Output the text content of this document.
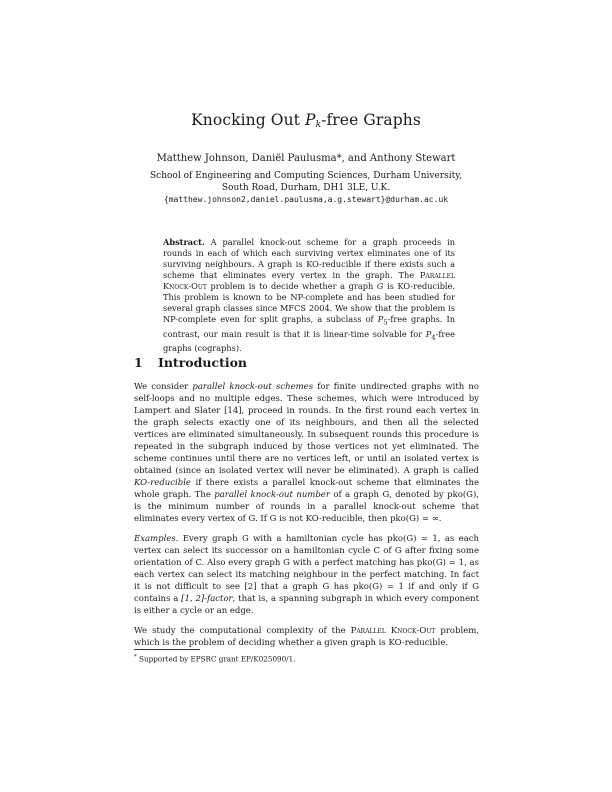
Knocking Out $P_k$-free Graphs
Matthew Johnson, Daniël Paulusma*, and Anthony Stewart
School of Engineering and Computing Sciences, Durham University,
South Road, Durham, DH1 3LE, U.K.
{matthew.johnson2,daniel.paulusma,a.g.stewart}@durham.ac.uk
Abstract. A parallel knock-out scheme for a graph proceeds in rounds in each of which each surviving vertex eliminates one of its surviving neighbours. A graph is KO-reducible if there exists such a scheme that eliminates every vertex in the graph. The Parallel Knock-Out problem is to decide whether a graph G is KO-reducible. This problem is known to be NP-complete and has been studied for several graph classes since MFCS 2004. We show that the problem is NP-complete even for split graphs, a subclass of $P_5$-free graphs. In contrast, our main result is that it is linear-time solvable for $P_4$-free graphs (cographs).
1 Introduction
We consider parallel knock-out schemes for finite undirected graphs with no self-loops and no multiple edges. These schemes, which were introduced by Lampert and Slater [14], proceed in rounds. In the first round each vertex in the graph selects exactly one of its neighbours, and then all the selected vertices are eliminated simultaneously. In subsequent rounds this procedure is repeated in the subgraph induced by those vertices not yet eliminated. The scheme continues until there are no vertices left, or until an isolated vertex is obtained (since an isolated vertex will never be eliminated). A graph is called KO-reducible if there exists a parallel knock-out scheme that eliminates the whole graph. The parallel knock-out number of a graph G, denoted by pko(G), is the minimum number of rounds in a parallel knock-out scheme that eliminates every vertex of G. If G is not KO-reducible, then pko(G) = ∞.
Examples. Every graph G with a hamiltonian cycle has pko(G) = 1, as each vertex can select its successor on a hamiltonian cycle C of G after fixing some orientation of C. Also every graph G with a perfect matching has pko(G) = 1, as each vertex can select its matching neighbour in the perfect matching. In fact it is not difficult to see [2] that a graph G has pko(G) = 1 if and only if G contains a [1, 2]-factor, that is, a spanning subgraph in which every component is either a cycle or an edge.
We study the computational complexity of the Parallel Knock-Out problem, which is the problem of deciding whether a given graph is KO-reducible.
* Supported by EPSRC grant EP/K025090/1.
